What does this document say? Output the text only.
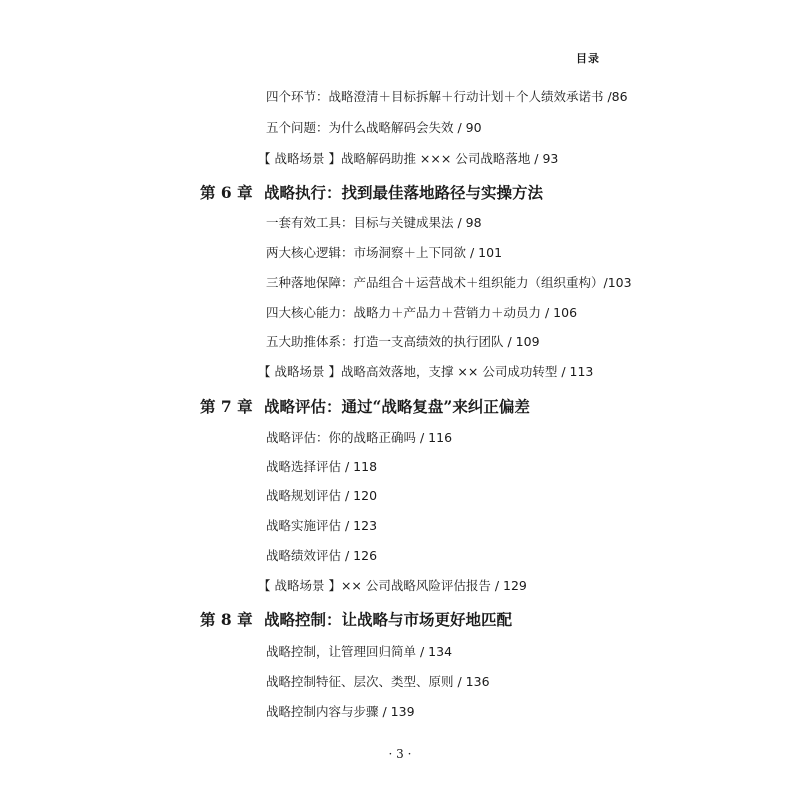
目录
四个环节：战略澄清＋目标拆解＋行动计划＋个人绩效承诺书 /86
五个问题：为什么战略解码会失效 / 90
【 战略场景 】战略解码助推 ××× 公司战略落地 / 93
第 6 章 战略执行：找到最佳落地路径与实操方法
一套有效工具：目标与关键成果法 / 98
两大核心逻辑：市场洞察＋上下同欲 / 101
三种落地保障：产品组合＋运营战术＋组织能力（组织重构）/103
四大核心能力：战略力＋产品力＋营销力＋动员力 / 106
五大助推体系：打造一支高绩效的执行团队 / 109
【 战略场景 】战略高效落地，支撑 ×× 公司成功转型 / 113
第 7 章 战略评估：通过“战略复盘”来纠正偏差
战略评估：你的战略正确吗 / 116
战略选择评估 / 118
战略规划评估 / 120
战略实施评估 / 123
战略绩效评估 / 126
【 战略场景 】×× 公司战略风险评估报告 / 129
第 8 章 战略控制：让战略与市场更好地匹配
战略控制，让管理回归简单 / 134
战略控制特征、层次、类型、原则 / 136
战略控制内容与步骤 / 139
· 3 ·
